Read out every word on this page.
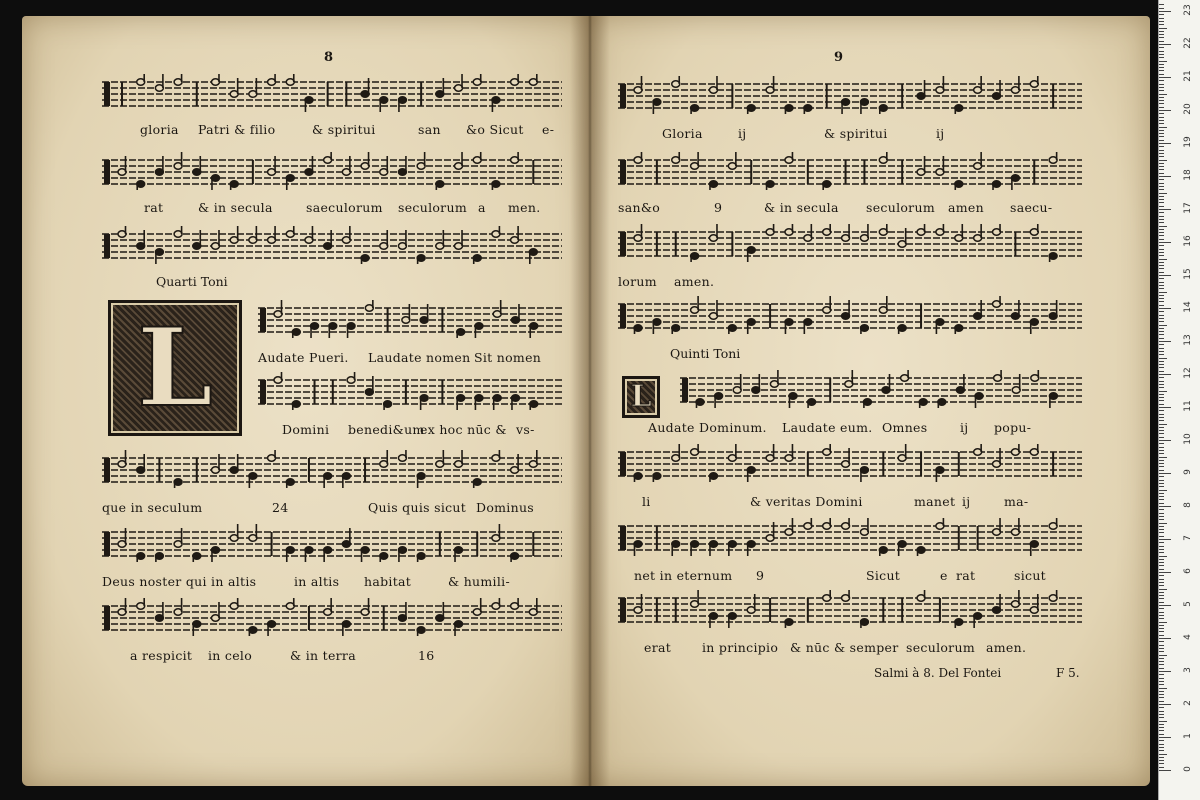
8
gloria Patri & filio	& spiritui	san &o Sicut e-
rat	& in secula	saeculorum seculorum a men.
Quarti Toni
L	Audate Pueri. Laudate nomen Sit nomen
Domini benedi&um
ex hoc nūc & vs-
que in seculum	24	Quis quis sicut Dominus
Deus noster qui in altis	in altis habitat	& humili-
a respicit in celo	& in terra	16
9
Gloria	ij	& spiritui	ij
san&o	9	& in secula seculorum amen saecu-
lorum amen.
Quinti Toni
L
Audate Dominum. Laudate eum. Omnes	ij popu-
li	& veritas Domini	manet ij	ma-
net in eternum 9	Sicut	e rat	sicut
erat in principio & nūc & semper seculorum amen.
Salmi à 8. Del Fontei	F 5.
0
1
2
3
4
5
6
7
8
9
10
11
12
13
14
15
16
17
18
19
20
21
22
23
